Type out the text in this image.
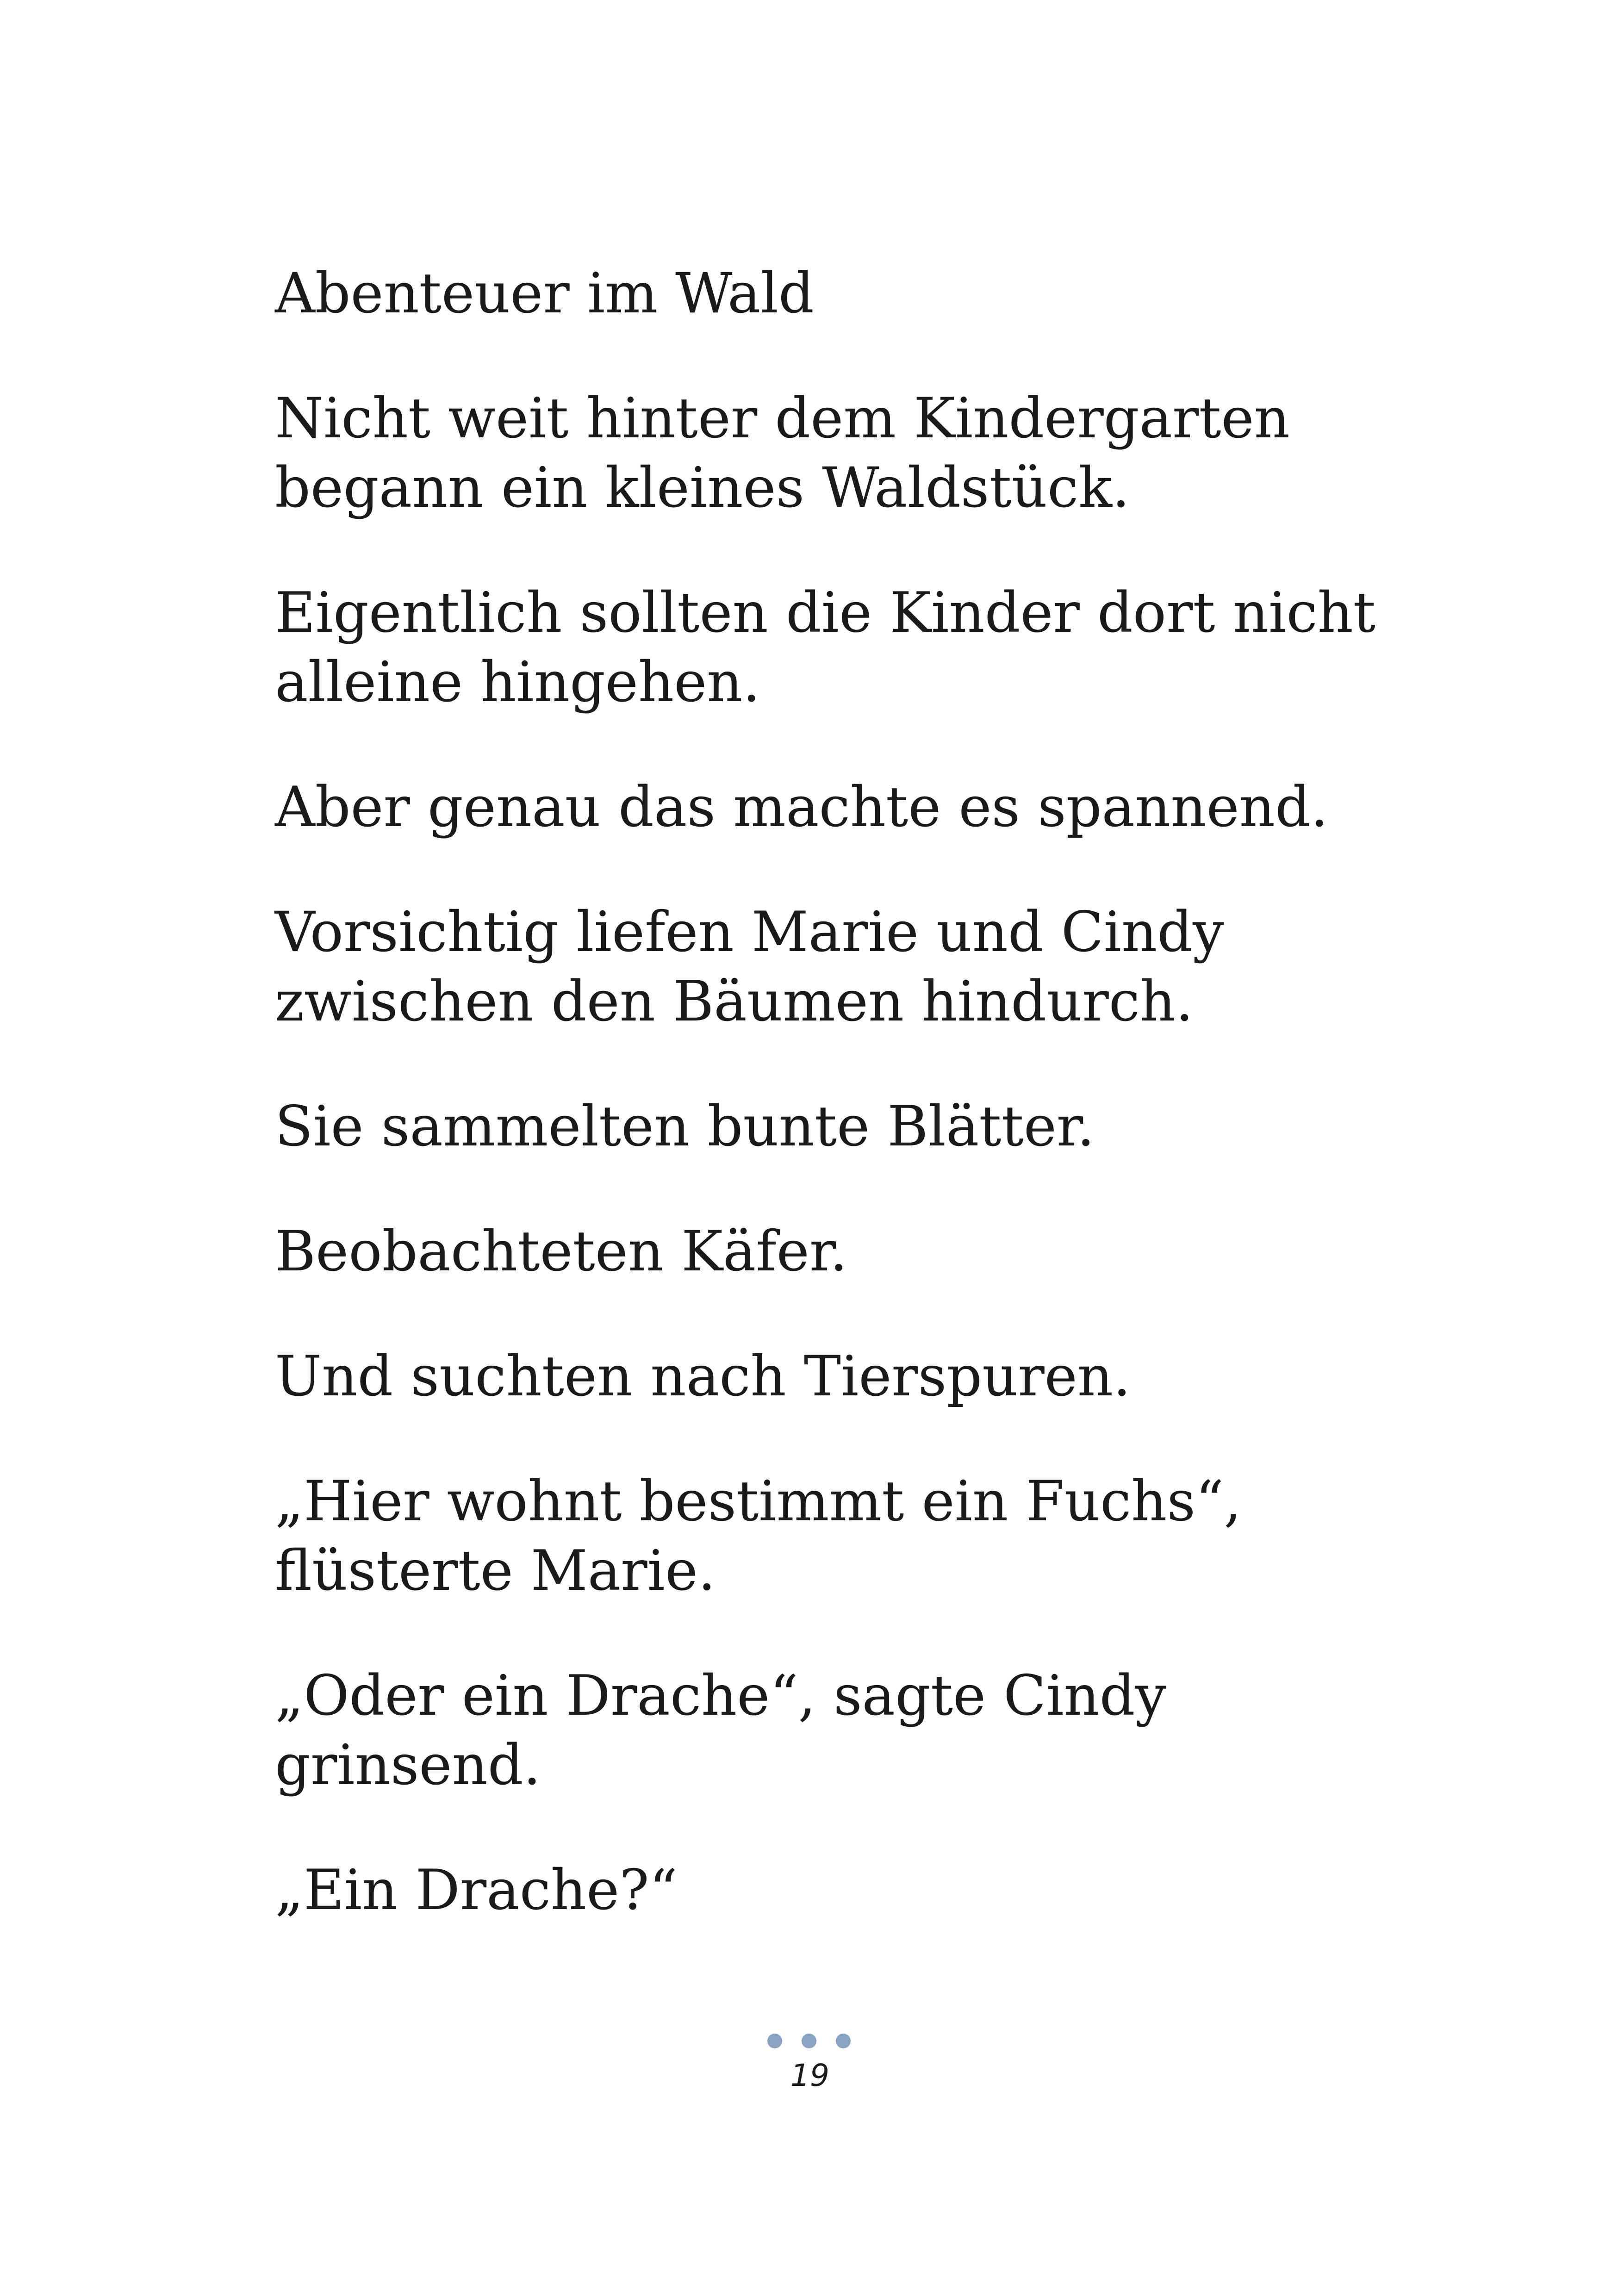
Abenteuer im Wald

Nicht weit hinter dem Kindergarten
begann ein kleines Waldstück.

Eigentlich sollten die Kinder dort nicht
alleine hingehen.

Aber genau das machte es spannend.

Vorsichtig liefen Marie und Cindy
zwischen den Bäumen hindurch.

Sie sammelten bunte Blätter.

Beobachteten Käfer.

Und suchten nach Tierspuren.

„Hier wohnt bestimmt ein Fuchs“,
flüsterte Marie.

„Oder ein Drache“, sagte Cindy
grinsend.

„Ein Drache?“

19
